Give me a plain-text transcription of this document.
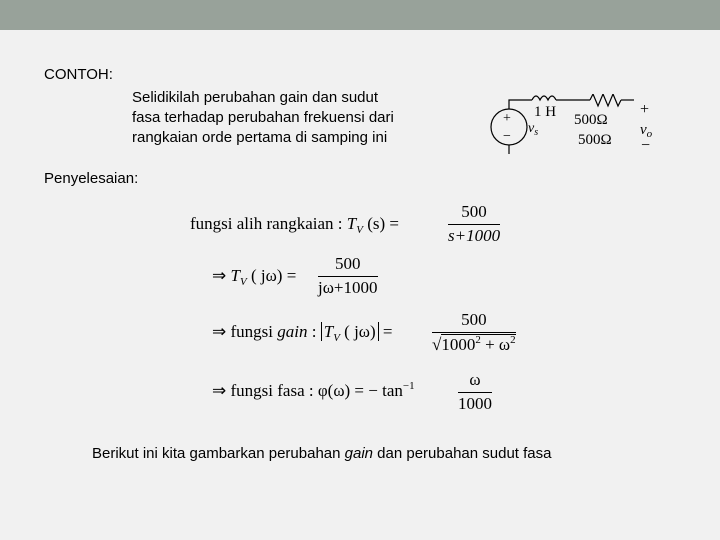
CONTOH:
Selidikilah perubahan gain dan sudut
fasa terhadap perubahan frekuensi dari
rangkaian orde pertama di samping ini
+
−
1 H
$v_s$
500Ω
500Ω
+
$v_o$
−
Penyelesaian:
fungsi alih rangkaian : $T_V$ (s) =
500
s+1000
⇒ $T_V$ ( jω) =
500
jω+1000
⇒ fungsi gain : $T_V$ ( jω) =
500
$√1000^2 + \omega^2$
⇒ fungsi fasa : φ(ω) = − $\tan^{-1}$	ω
1000
Berikut ini kita gambarkan perubahan gain dan perubahan sudut fasa
